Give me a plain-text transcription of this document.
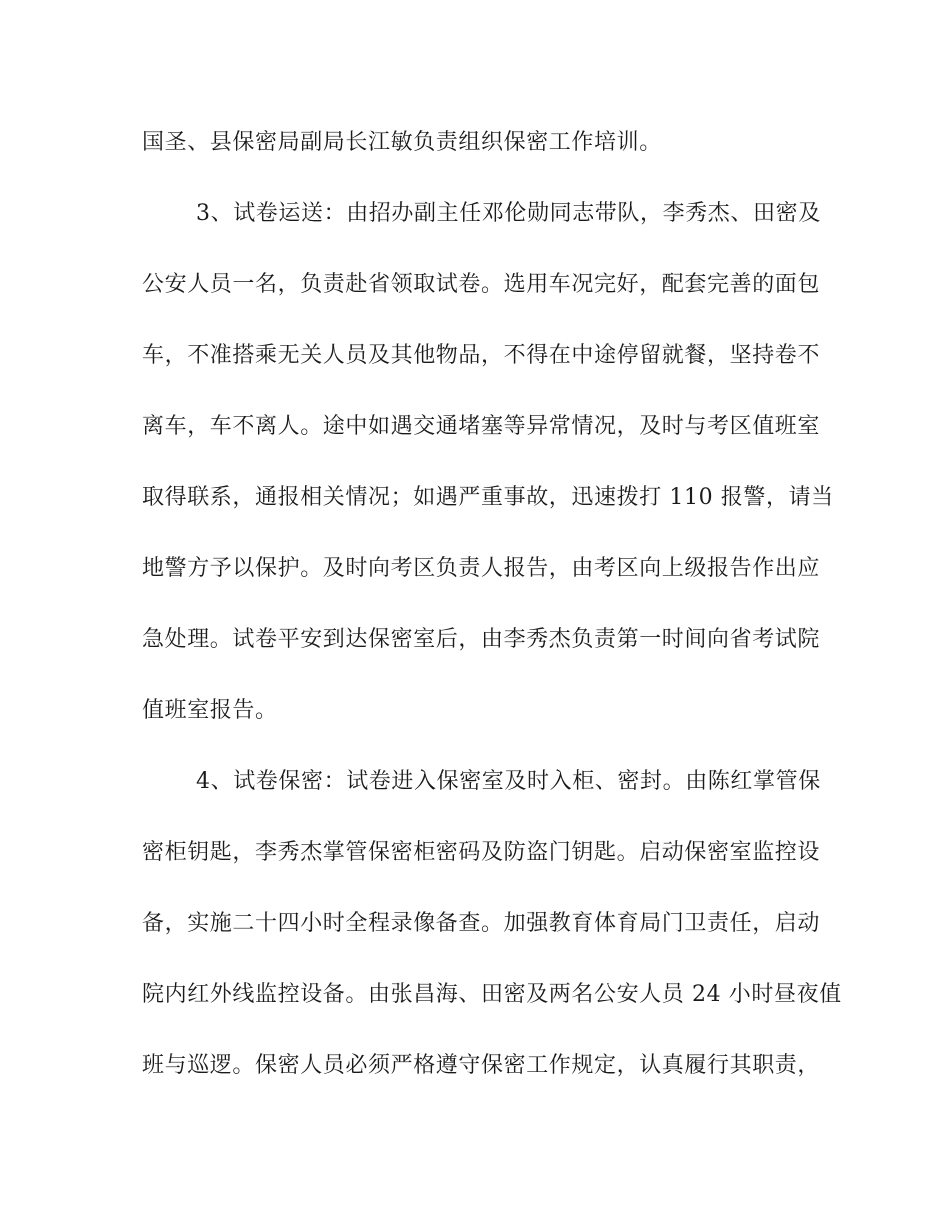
国圣、县保密局副局长江敏负责组织保密工作培训。
3、试卷运送：由招办副主任邓伦勋同志带队，李秀杰、田密及
公安人员一名，负责赴省领取试卷。选用车况完好，配套完善的面包
车，不准搭乘无关人员及其他物品，不得在中途停留就餐，坚持卷不
离车，车不离人。途中如遇交通堵塞等异常情况，及时与考区值班室
取得联系，通报相关情况；如遇严重事故，迅速拨打 110 报警，请当
地警方予以保护。及时向考区负责人报告，由考区向上级报告作出应
急处理。试卷平安到达保密室后，由李秀杰负责第一时间向省考试院
值班室报告。
4、试卷保密：试卷进入保密室及时入柜、密封。由陈红掌管保
密柜钥匙，李秀杰掌管保密柜密码及防盗门钥匙。启动保密室监控设
备，实施二十四小时全程录像备查。加强教育体育局门卫责任，启动
院内红外线监控设备。由张昌海、田密及两名公安人员 24 小时昼夜值
班与巡逻。保密人员必须严格遵守保密工作规定，认真履行其职责，
